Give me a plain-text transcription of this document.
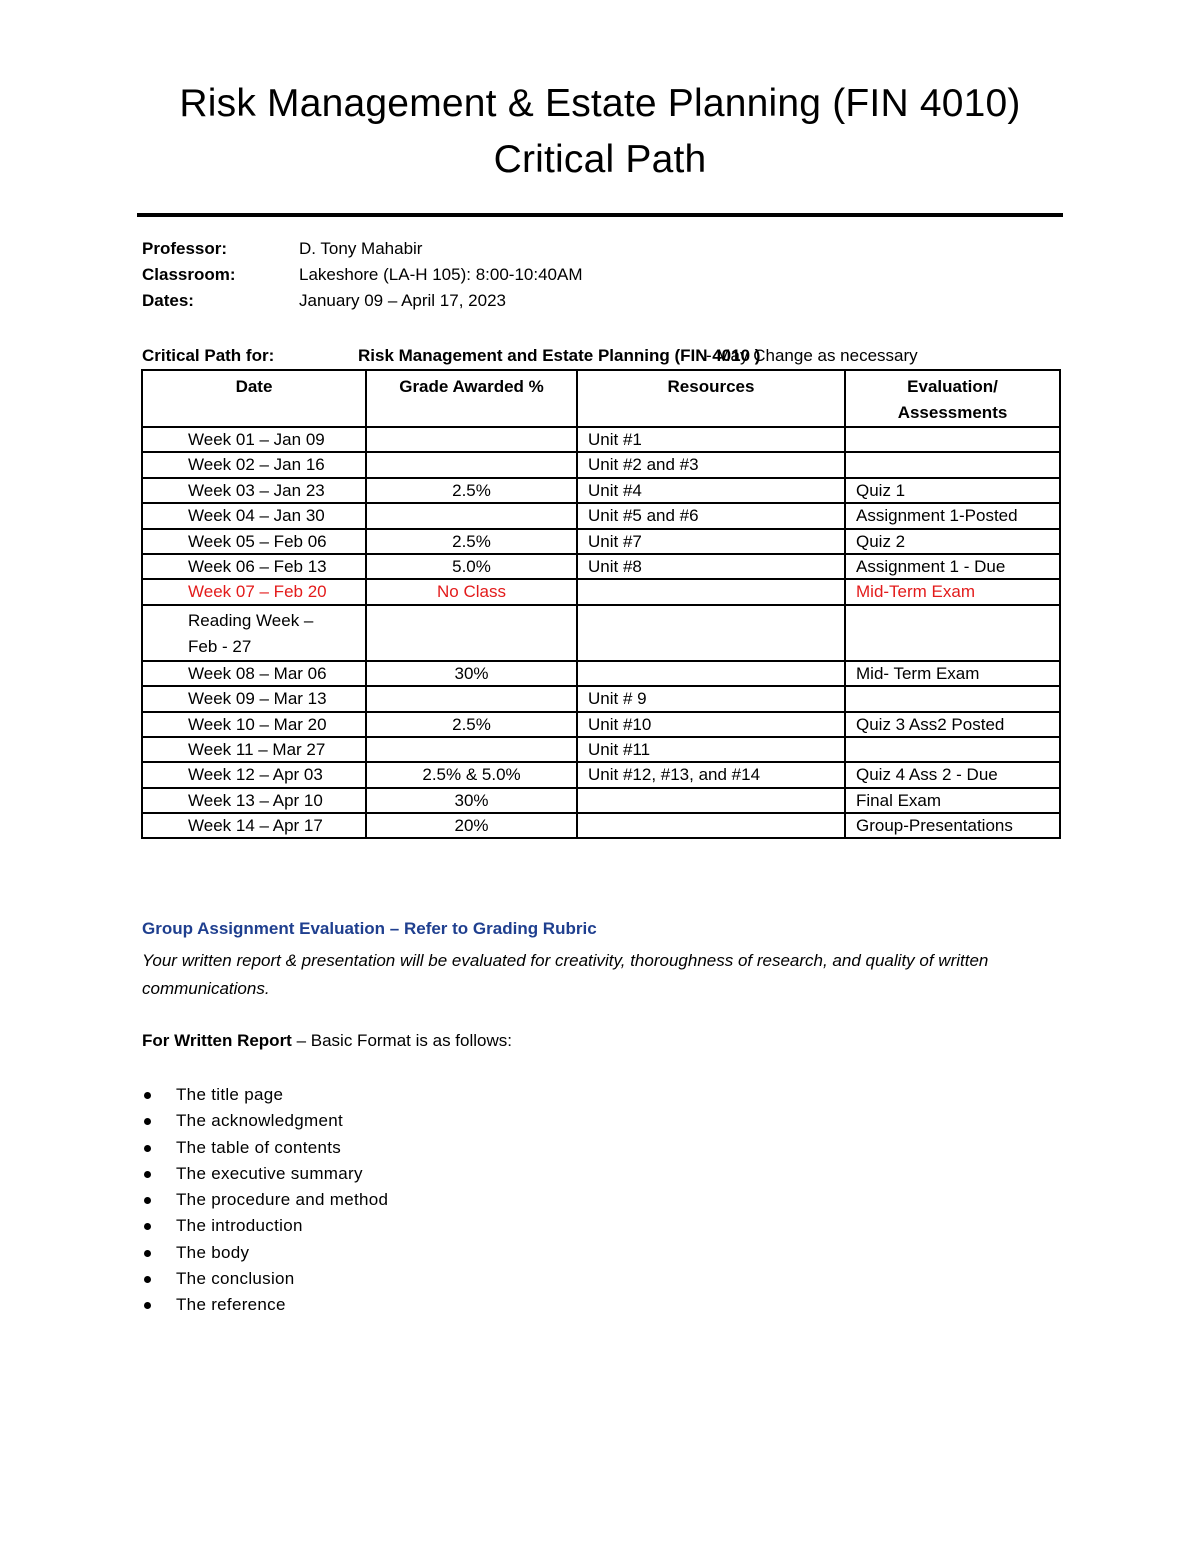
Risk Management & Estate Planning (FIN 4010)
Critical Path
Professor:	D. Tony Mahabir
Classroom:	Lakeshore (LA-H 105): 8:00-10:40AM
Dates:	January 09 – April 17, 2023
Critical Path for:	Risk Management and Estate Planning (FIN 4010 )
- May Change as necessary
Date	Grade Awarded %	Resources	Evaluation/ Assessments
Week 01 – Jan 09		Unit #1	
Week 02 – Jan 16		Unit #2 and #3	
Week 03 – Jan 23	2.5%	Unit #4	Quiz 1
Week 04 – Jan 30		Unit #5 and #6	Assignment 1-Posted
Week 05 – Feb 06	2.5%	Unit #7	Quiz 2
Week 06 – Feb 13	5.0%	Unit #8	Assignment 1 - Due
Week 07 – Feb 20	No Class		Mid-Term Exam
Reading Week – Feb - 27			
Week 08 – Mar 06	30%		Mid- Term Exam
Week 09 – Mar 13		Unit # 9	
Week 10 – Mar 20	2.5%	Unit #10	Quiz 3 Ass2 Posted
Week 11 – Mar 27		Unit #11	
Week 12 – Apr 03	2.5% & 5.0%	Unit #12, #13, and #14	Quiz 4 Ass 2 - Due
Week 13 – Apr 10	30%		Final Exam
Week 14 – Apr 17	20%		Group-Presentations
Group Assignment Evaluation – Refer to Grading Rubric
Your written report & presentation will be evaluated for creativity, thoroughness of research, and quality of written communications.
For Written Report – Basic Format is as follows:
The title page
The acknowledgment
The table of contents
The executive summary
The procedure and method
The introduction
The body
The conclusion
The reference
